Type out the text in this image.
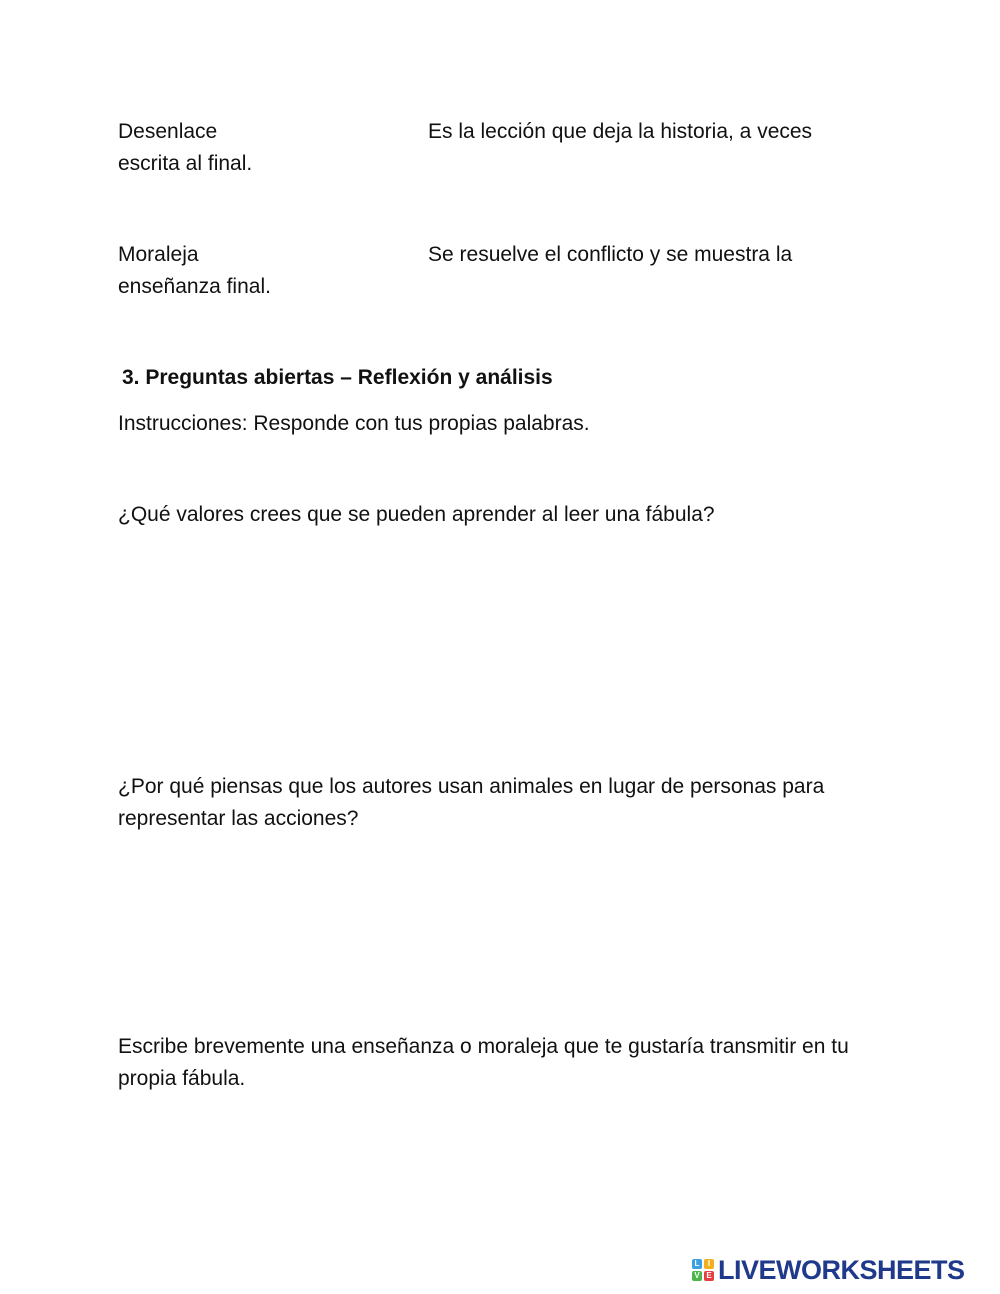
Desenlace	Es la lección que deja la historia, a veces
escrita al final.
Moraleja	Se resuelve el conflicto y se muestra la
enseñanza final.
3. Preguntas abiertas – Reflexión y análisis
Instrucciones: Responde con tus propias palabras.
¿Qué valores crees que se pueden aprender al leer una fábula?
¿Por qué piensas que los autores usan animales en lugar de personas para
representar las acciones?
Escribe brevemente una enseñanza o moraleja que te gustaría transmitir en tu
propia fábula.
L	I
V E LIVEWORKSHEETS
